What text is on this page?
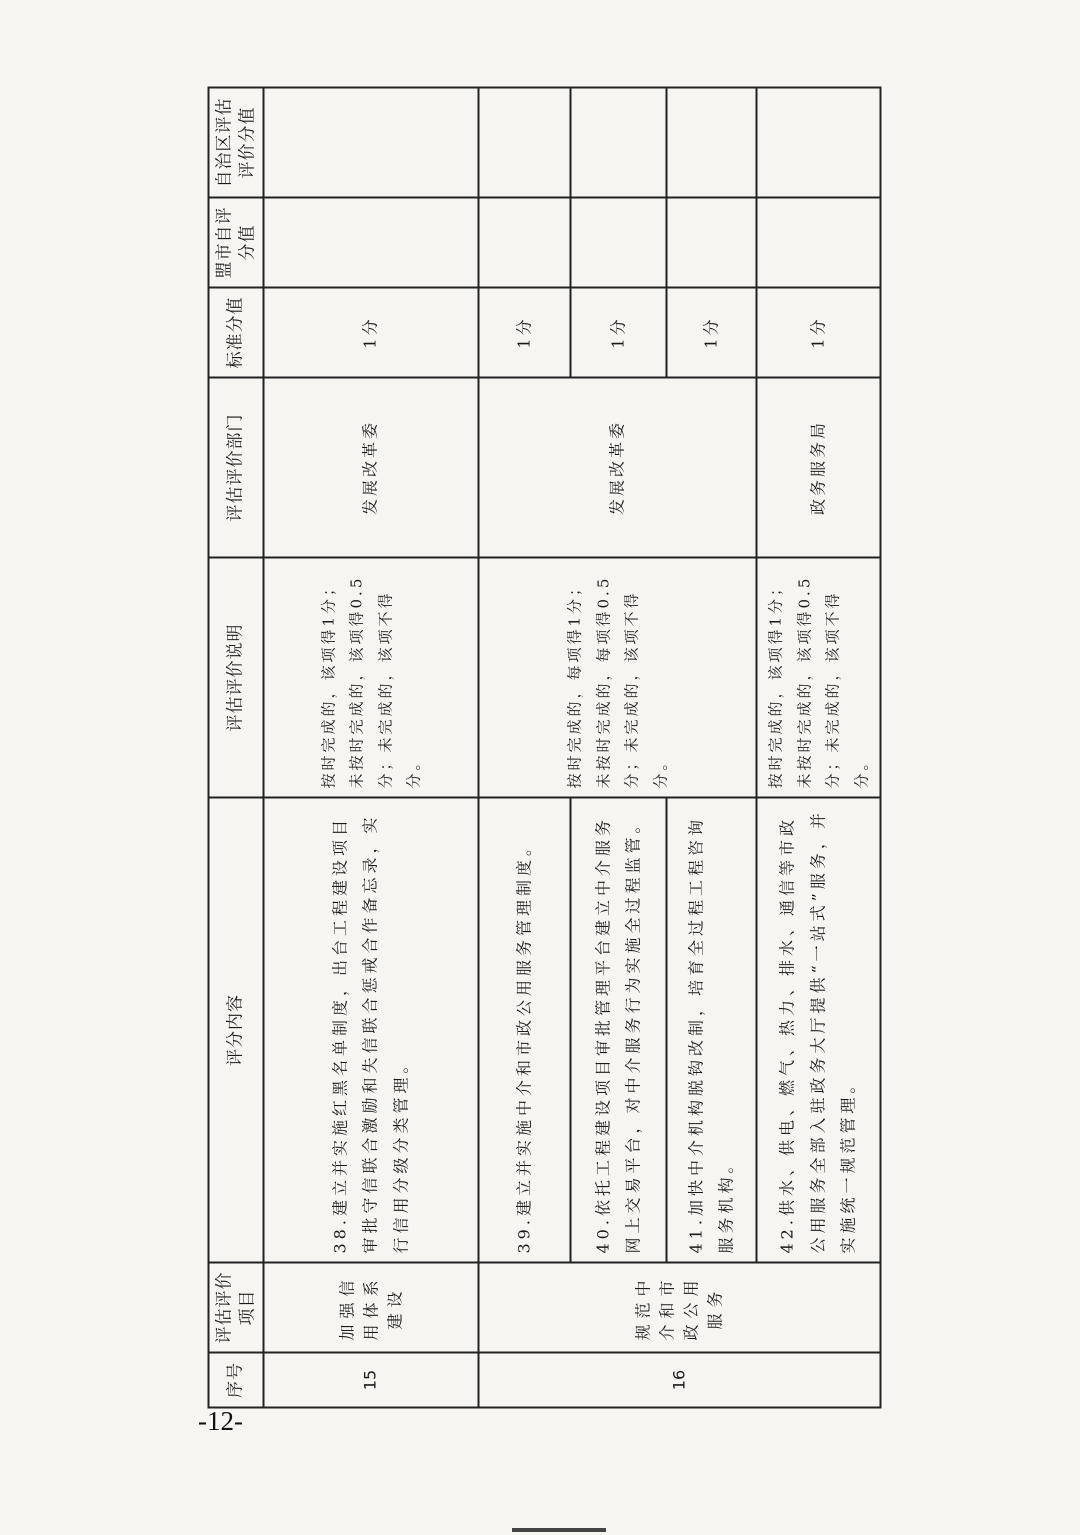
-12-
序号	评估评价项目	评分内容	评估评价说明	评估评价部门	标准分值	盟市自评分值	自治区评估评价分值
15	加强信用体系建设	38.建立并实施红黑名单制度，出台工程建设项目审批守信联合激励和失信联合惩戒合作备忘录，实行信用分级分类管理。	按时完成的，该项得1分；未按时完成的，该项得0.5分；未完成的，该项不得分。	发展改革委	1分		
16	规范中介和市政公用服务	39.建立并实施中介和市政公用服务管理制度。	按时完成的，每项得1分；未按时完成的，每项得0.5分；未完成的，该项不得分。	发展改革委	1分		
		40.依托工程建设项目审批管理平台建立中介服务网上交易平台，对中介服务行为实施全过程监管。			1分		
		41.加快中介机构脱钩改制，培育全过程工程咨询服务机构。			1分		
		42.供水、供电、燃气、热力、排水、通信等市政公用服务全部入驻政务大厅提供“一站式”服务，并实施统一规范管理。	按时完成的，该项得1分；未按时完成的，该项得0.5分；未完成的，该项不得分。	政务服务局	1分		
